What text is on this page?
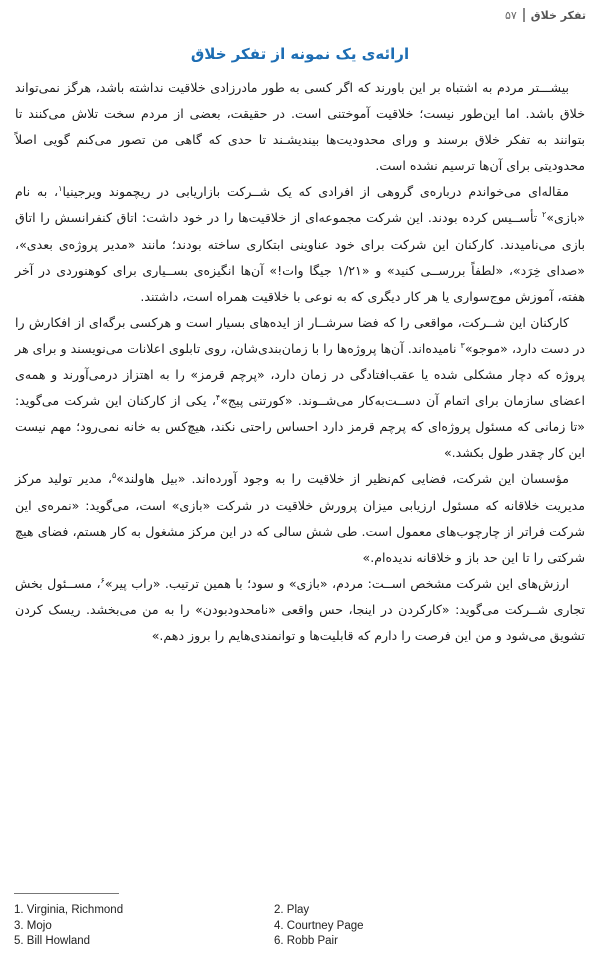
تفکر خلاق
۵۷
ارائه‌ی یک نمونه از تفکر خلاق

بیشـــتر مردم به اشتباه بر این باورند که اگر کسی به طور مادرزادی خلاقیت نداشته باشد، هرگز نمی‌تواند خلاق باشد. اما این‌طور نیست؛ خلاقیت آموختنی است. در حقیقت، بعضی از مردم سخت تلاش می‌کنند تا بتوانند به تفکر خلاق برسند و ورای محدودیت‌ها بیندیشـند تا حدی که گاهی من تصور می‌کنم گویی اصلاً محدودیتی برای آن‌ها ترسیم نشده است.

مقاله‌ای می‌خواندم درباره‌ی گروهی از افرادی که یک شــرکت بازاریابی در ریچموند ویرجینیا$^۱$، به نام «بازی»$^۲$ تأســیس کرده بودند. این شرکت مجموعه‌ای از خلاقیت‌ها را در خود داشت: اتاق کنفرانسش را اتاق بازی می‌نامیدند. کارکنان این شرکت برای خود عناوینی ابتکاری ساخته بودند؛ مانند «مدیر پروژه‌ی بعدی»، «صدای خِرَد»، «لطفاً بررســی کنید» و «۱/۲۱ جیگا وات!» آن‌ها انگیزه‌ی بســیاری برای کوهنوردی در آخر هفته، آموزش موج‌سواری یا هر کار دیگری که به نوعی با خلاقیت همراه است، داشتند.

کارکنان این شــرکت، مواقعی را که فضا سرشــار از ایده‌های بسیار است و هرکسی برگه‌ای از افکارش را در دست دارد، «موجو»$^۳$ نامیده‌اند. آن‌ها پروژه‌ها را با زمان‌بندی‌شان، روی تابلوی اعلانات می‌نویسند و برای هر پروژه که دچار مشکلی شده یا عقب‌افتادگی در زمان دارد، «پرچم قرمز» را به اهتزاز درمی‌آورند و همه‌ی اعضای سازمان برای اتمام آن دســت‌به‌کار می‌شــوند. «کورتنی پیج»$^۴$، یکی از کارکنان این شرکت می‌گوید: «تا زمانی که مسئول پروژه‌ای که پرچم قرمز دارد احساس راحتی نکند، هیچ‌کس به خانه نمی‌رود؛ مهم نیست این کار چقدر طول بکشد.»

مؤسسان این شرکت، فضایی کم‌نظیر از خلاقیت را به وجود آورده‌اند. «بیل هاولند»$^۵$، مدیر تولید مرکز مدیریت خلاقانه که مسئول ارزیابی میزان پرورش خلاقیت در شرکت «بازی» است، می‌گوید: «نمره‌ی این شرکت فراتر از چارچوب‌های معمول است. طی شش سالی که در این مرکز مشغول به کار هستم، فضای هیچ شرکتی را تا این حد باز و خلاقانه ندیده‌ام.»

ارزش‌های این شرکت مشخص اســت: مردم، «بازی» و سود؛ با همین ترتیب. «راب پیر»$^۶$، مســئول بخش تجاری شــرکت می‌گوید: «کارکردن در اینجا، حس واقعی «نامحدودبودن» را به من می‌بخشد. ریسک کردن تشویق می‌شود و من این فرصت را دارم که قابلیت‌ها و توانمندی‌هایم را بروز دهم.»

1. Virginia, Richmond	2. Play
3. Mojo	4. Courtney Page
5. Bill Howland	6. Robb Pair
